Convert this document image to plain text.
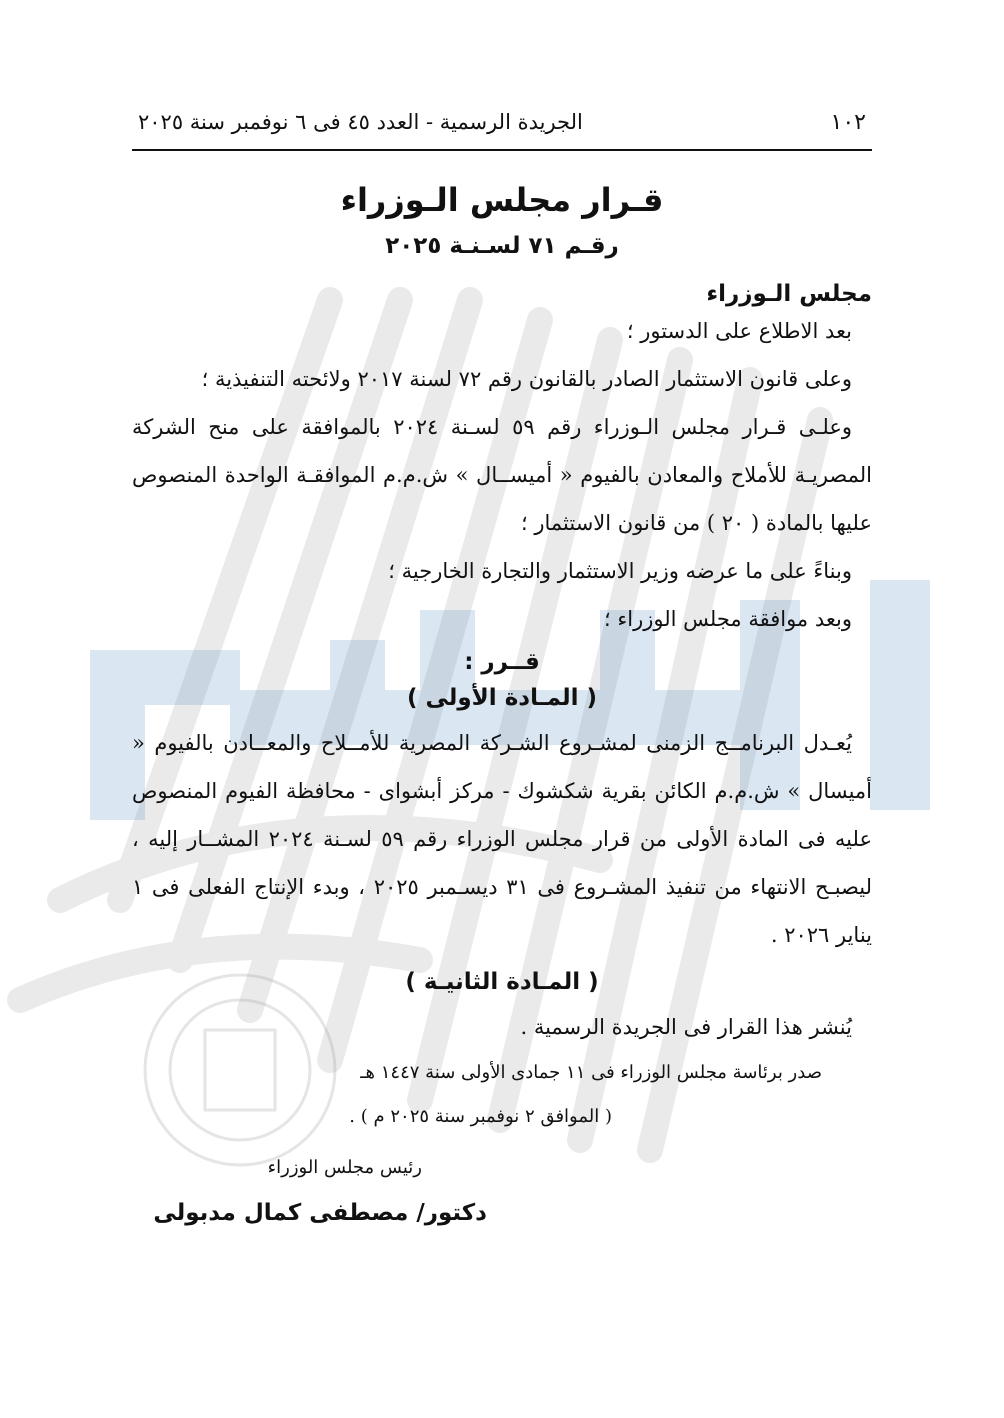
١٠٢
الجريدة الرسمية - العدد ٤٥ فى ٦ نوفمبر سنة ٢٠٢٥
قـرار مجلس الـوزراء
رقـم ٧١ لسـنـة ٢٠٢٥
مجلس الـوزراء

بعد الاطلاع على الدستور ؛

وعلى قانون الاستثمار الصادر بالقانون رقم ٧٢ لسنة ٢٠١٧ ولائحته التنفيذية ؛

وعلـى قـرار مجلس الـوزراء رقم ٥٩ لسـنة ٢٠٢٤ بالموافقة على منح الشركة المصريـة للأملاح والمعادن بالفيوم « أميســال » ش.م.م الموافقـة الواحدة المنصوص عليها بالمادة ( ٢٠ ) من قانون الاستثمار ؛

وبناءً على ما عرضه وزير الاستثمار والتجارة الخارجية ؛

وبعد موافقة مجلس الوزراء ؛

قــرر :
( المـادة الأولى )

يُعـدل البرنامــج الزمنى لمشـروع الشـركة المصرية للأمــلاح والمعــادن بالفيوم « أميسال » ش.م.م الكائن بقرية شكشوك - مركز أبشواى - محافظة الفيوم المنصوص عليه فى المادة الأولى من قرار مجلس الوزراء رقم ٥٩ لسـنة ٢٠٢٤ المشــار إليه ، ليصبـح الانتهاء من تنفيذ المشـروع فى ٣١ ديسـمبر ٢٠٢٥ ، وبدء الإنتاج الفعلى فى ١ يناير ٢٠٢٦ .

( المـادة الثانيـة )

يُنشر هذا القرار فى الجريدة الرسمية .

صدر برئاسة مجلس الوزراء فى ١١ جمادى الأولى سنة ١٤٤٧ هـ

( الموافق ٢ نوفمبر سنة ٢٠٢٥ م ) .

رئيس مجلس الوزراء
دكتور/ مصطفى كمال مدبولى
